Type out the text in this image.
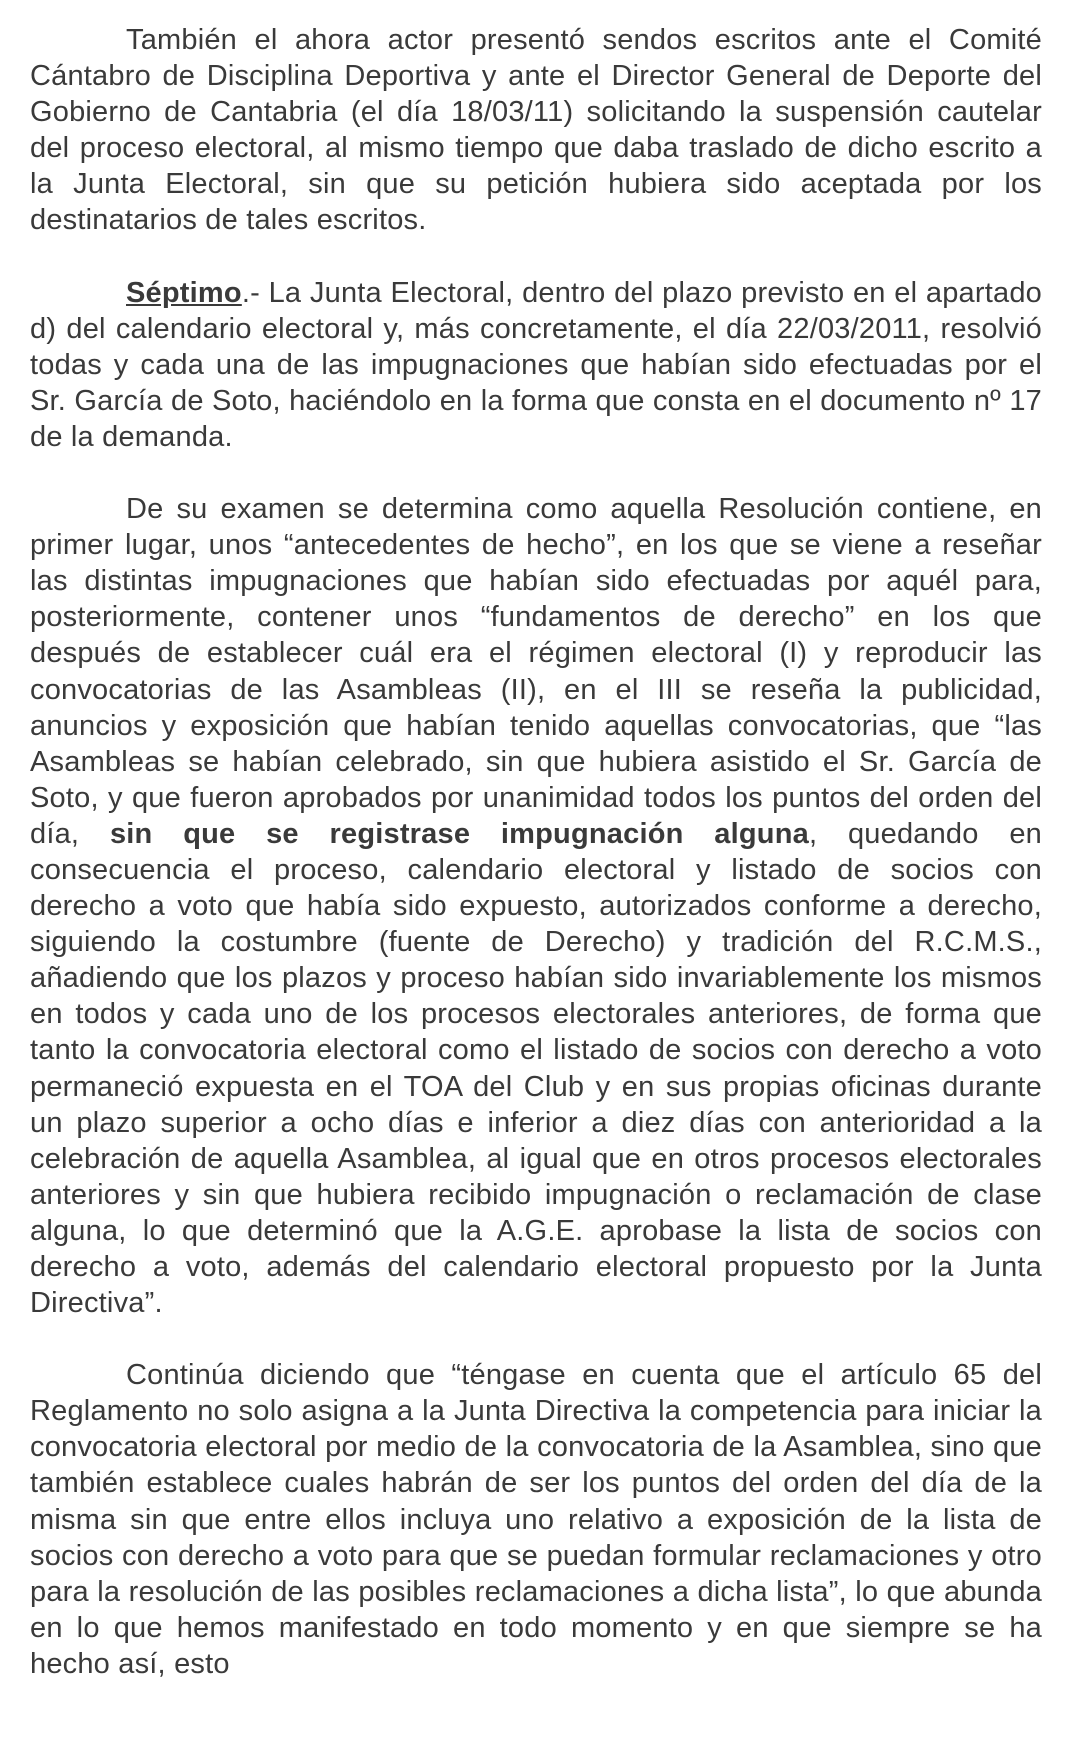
También el ahora actor presentó sendos escritos ante el Comité Cántabro de Disciplina Deportiva y ante el Director General de Deporte del Gobierno de Cantabria (el día 18/03/11) solicitando la suspensión cautelar del proceso electoral, al mismo tiempo que daba traslado de dicho escrito a la Junta Electoral, sin que su petición hubiera sido aceptada por los destinatarios de tales escritos.

Séptimo.- La Junta Electoral, dentro del plazo previsto en el apartado d) del calendario electoral y, más concretamente, el día 22/03/2011, resolvió todas y cada una de las impugnaciones que habían sido efectuadas por el Sr. García de Soto, haciéndolo en la forma que consta en el documento nº 17 de la demanda.

De su examen se determina como aquella Resolución contiene, en primer lugar, unos “antecedentes de hecho”, en los que se viene a reseñar las distintas impugnaciones que habían sido efectuadas por aquél para, posteriormente, contener unos “fundamentos de derecho” en los que después de establecer cuál era el régimen electoral (I) y reproducir las convocatorias de las Asambleas (II), en el III se reseña la publicidad, anuncios y exposición que habían tenido aquellas convocatorias, que “las Asambleas se habían celebrado, sin que hubiera asistido el Sr. García de Soto, y que fueron aprobados por unanimidad todos los puntos del orden del día, sin que se registrase impugnación alguna, quedando en consecuencia el proceso, calendario electoral y listado de socios con derecho a voto que había sido expuesto, autorizados conforme a derecho, siguiendo la costumbre (fuente de Derecho) y tradición del R.C.M.S., añadiendo que los plazos y proceso habían sido invariablemente los mismos en todos y cada uno de los procesos electorales anteriores, de forma que tanto la convocatoria electoral como el listado de socios con derecho a voto permaneció expuesta en el TOA del Club y en sus propias oficinas durante un plazo superior a ocho días e inferior a diez días con anterioridad a la celebración de aquella Asamblea, al igual que en otros procesos electorales anteriores y sin que hubiera recibido impugnación o reclamación de clase alguna, lo que determinó que la A.G.E. aprobase la lista de socios con derecho a voto, además del calendario electoral propuesto por la Junta Directiva”.

Continúa diciendo que “téngase en cuenta que el artículo 65 del Reglamento no solo asigna a la Junta Directiva la competencia para iniciar la convocatoria electoral por medio de la convocatoria de la Asamblea, sino que también establece cuales habrán de ser los puntos del orden del día de la misma sin que entre ellos incluya uno relativo a exposición de la lista de socios con derecho a voto para que se puedan formular reclamaciones y otro para la resolución de las posibles reclamaciones a dicha lista”, lo que abunda en lo que hemos manifestado en todo momento y en que siempre se ha hecho así, esto
